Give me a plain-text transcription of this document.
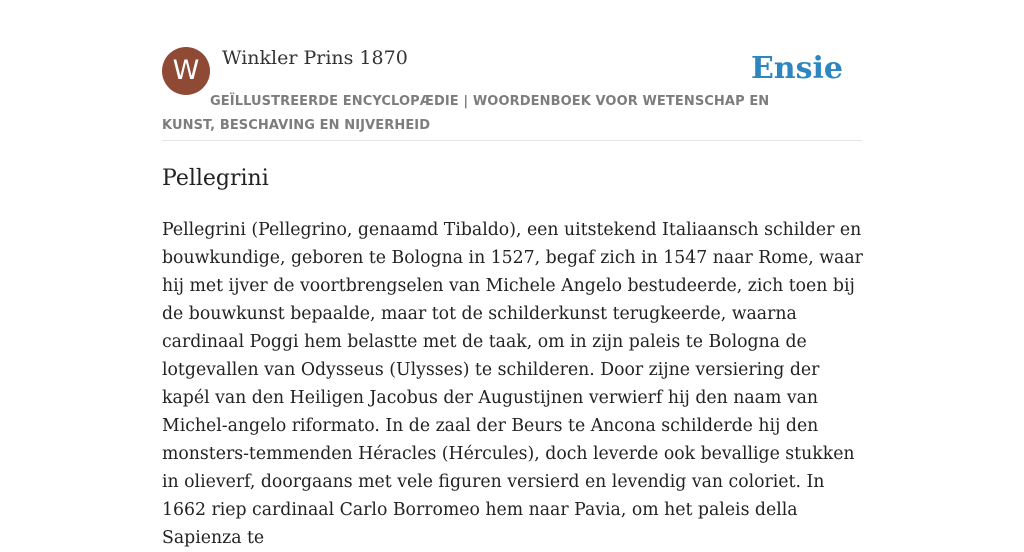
W	Winkler Prins 1870	Ensie
GEÏLLUSTREERDE ENCYCLOPÆDIE | WOORDENBOEK VOOR WETENSCHAP EN KUNST, BESCHAVING EN NIJVERHEID
Pellegrini

Pellegrini (Pellegrino, genaamd Tibaldo), een uitstekend Italiaansch schilder en bouwkundige, geboren te Bologna in 1527, begaf zich in 1547 naar Rome, waar hij met ijver de voortbrengselen van Michele Angelo bestudeerde, zich toen bij de bouwkunst bepaalde, maar tot de schilderkunst terugkeerde, waarna cardinaal Poggi hem belastte met de taak, om in zijn paleis te Bologna de lotgevallen van Odysseus (Ulysses) te schilderen. Door zijne versiering der kapél van den Heiligen Jacobus der Augustijnen verwierf hij den naam van Michel-angelo riformato. In de zaal der Beurs te Ancona schilderde hij den monsters-temmenden Héracles (Hércules), doch leverde ook bevallige stukken in olieverf, doorgaans met vele figuren versierd en levendig van coloriet. In 1662 riep cardinaal Carlo Borromeo hem naar Pavia, om het paleis della Sapienza te
